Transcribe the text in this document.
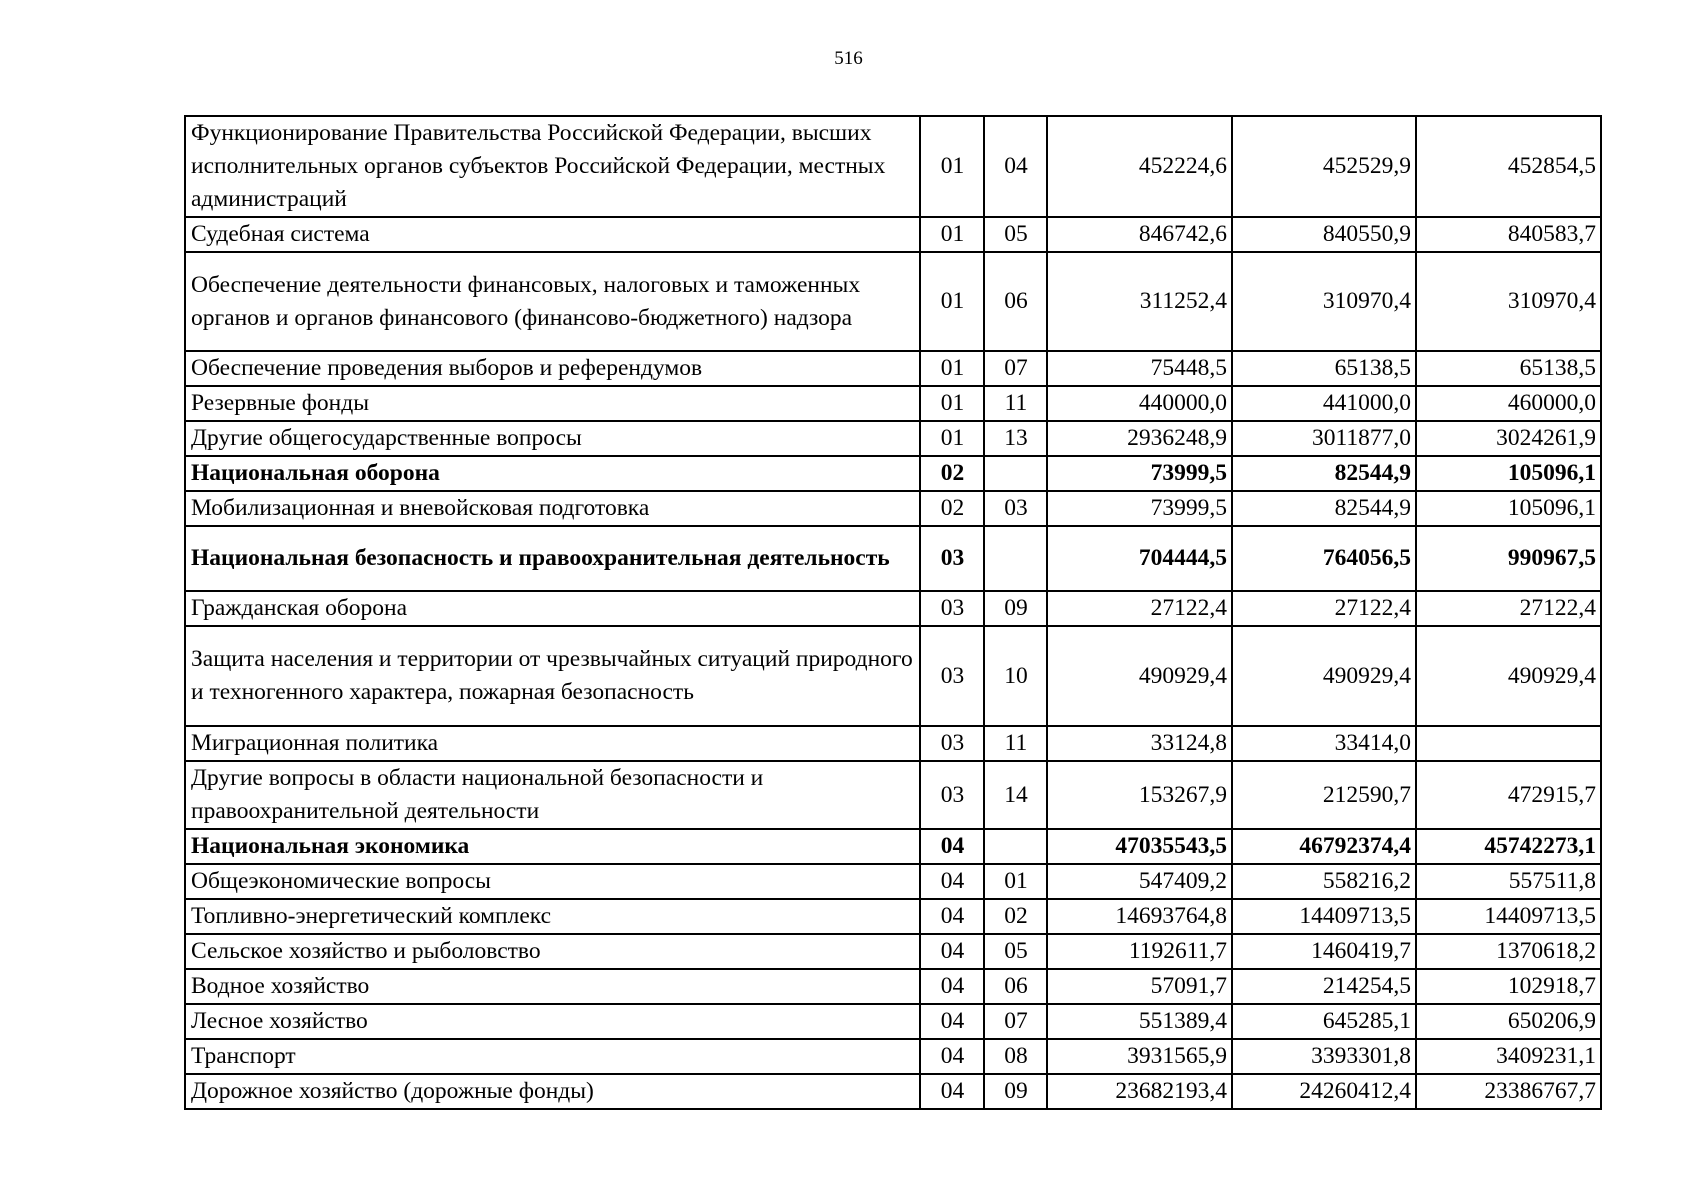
516
Функционирование Правительства Российской Федерации, высших исполнительных органов субъектов Российской Федерации, местных администраций	01	04	452224,6	452529,9	452854,5
Судебная система	01	05	846742,6	840550,9	840583,7
Обеспечение деятельности финансовых, налоговых и таможенных органов и органов финансового (финансово-бюджетного) надзора	01	06	311252,4	310970,4	310970,4
Обеспечение проведения выборов и референдумов	01	07	75448,5	65138,5	65138,5
Резервные фонды	01	11	440000,0	441000,0	460000,0
Другие общегосударственные вопросы	01	13	2936248,9	3011877,0	3024261,9
Национальная оборона	02		73999,5	82544,9	105096,1
Мобилизационная и вневойсковая подготовка	02	03	73999,5	82544,9	105096,1
Национальная безопасность и правоохранительная деятельность	03		704444,5	764056,5	990967,5
Гражданская оборона	03	09	27122,4	27122,4	27122,4
Защита населения и территории от чрезвычайных ситуаций природного и техногенного характера, пожарная безопасность	03	10	490929,4	490929,4	490929,4
Миграционная политика	03	11	33124,8	33414,0	
Другие вопросы в области национальной безопасности и правоохранительной деятельности	03	14	153267,9	212590,7	472915,7
Национальная экономика	04		47035543,5	46792374,4	45742273,1
Общеэкономические вопросы	04	01	547409,2	558216,2	557511,8
Топливно-энергетический комплекс	04	02	14693764,8	14409713,5	14409713,5
Сельское хозяйство и рыболовство	04	05	1192611,7	1460419,7	1370618,2
Водное хозяйство	04	06	57091,7	214254,5	102918,7
Лесное хозяйство	04	07	551389,4	645285,1	650206,9
Транспорт	04	08	3931565,9	3393301,8	3409231,1
Дорожное хозяйство (дорожные фонды)	04	09	23682193,4	24260412,4	23386767,7
